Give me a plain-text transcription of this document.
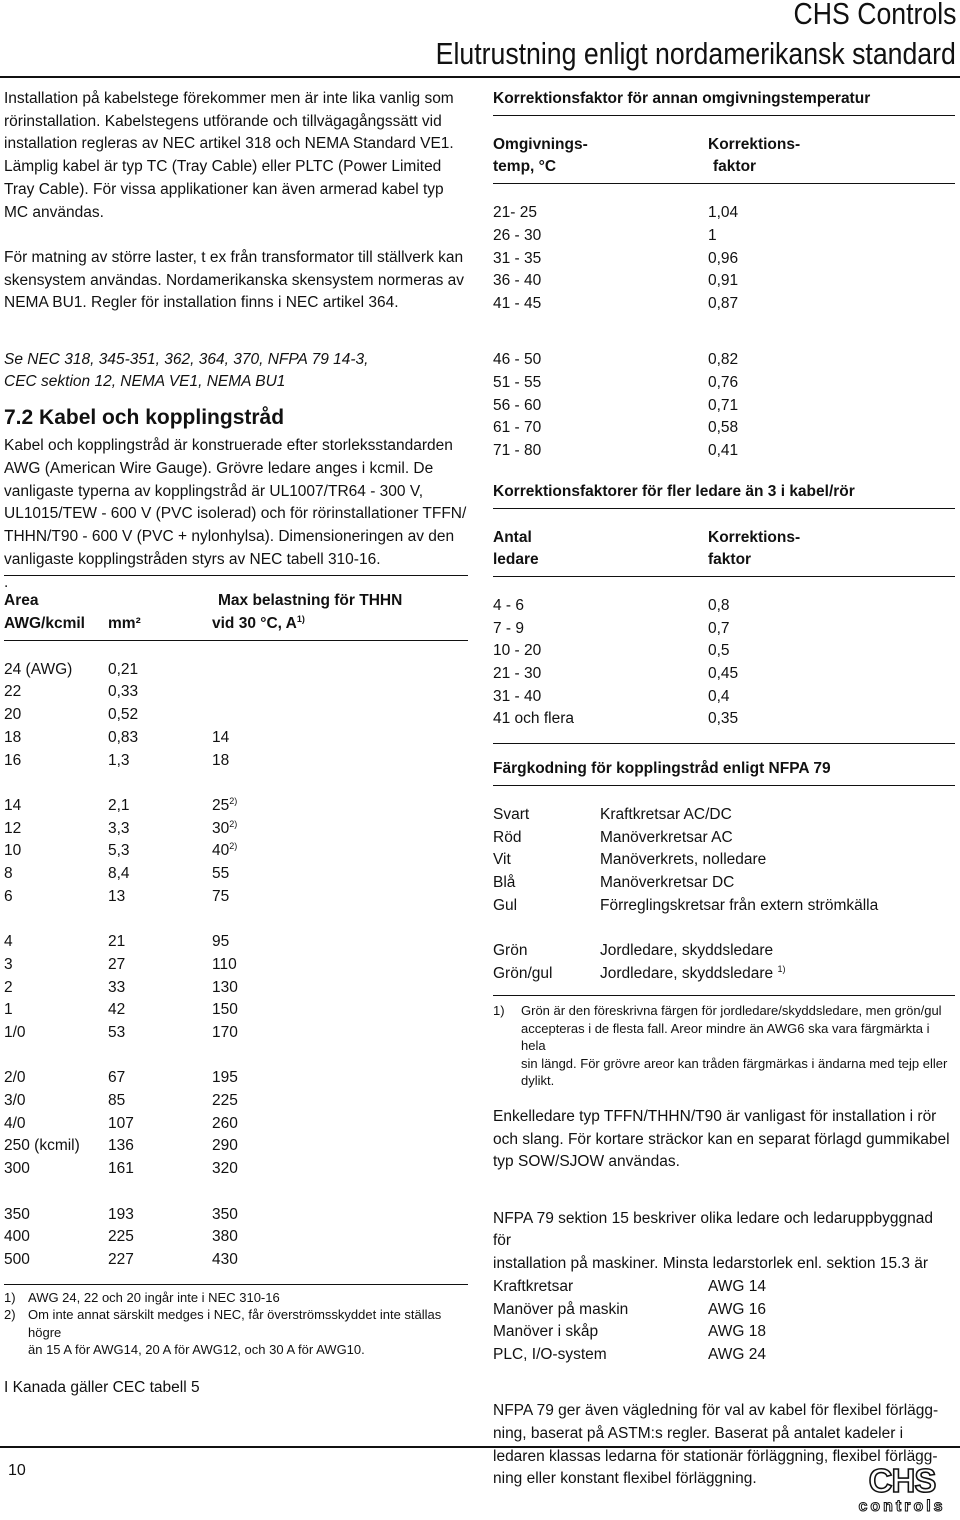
CHS Controls
Elutrustning enligt nordamerikansk standard

Installation på kabelstege förekommer men är inte lika vanlig som

rörinstallation. Kabelstegens utförande och tillvägagångssätt vid

installation regleras av NEC artikel 318 och NEMA Standard VE1.

Lämplig kabel är typ TC (Tray Cable) eller PLTC (Power Limited

Tray Cable). För vissa applikationer kan även armerad kabel typ

MC användas.

För matning av större laster, t ex från transformator till ställverk kan

skensystem användas. Nordamerikanska skensystem normeras av

NEMA BU1. Regler för installation finns i NEC artikel 364.

Se NEC 318, 345-351, 362, 364, 370, NFPA 79 14-3,

CEC sektion 12, NEMA VE1, NEMA BU1

7.2 Kabel och kopplingstråd

Kabel och kopplingstråd är konstruerade efter storleksstandarden

AWG (American Wire Gauge). Grövre ledare anges i kcmil. De

vanligaste typerna av kopplingstråd är UL1007/TR64 - 300 V,

UL1015/TEW - 600 V (PVC isolerad) och för rörinstallationer TFFN/

THHN/T90 - 600 V (PVC + nylonhylsa). Dimensioneringen av den

vanligaste kopplingstråden styrs av NEC tabell 310-16.

.

Area	Max belastning för THHN
AWG/kcmil	mm²	vid 30 °C, $A^{1)}$
24 (AWG)	0,21
22	0,33
20	0,52
18	0,83	14
16	1,3	18
14	2,1	25$^{2)}$
12	3,3	30$^{2)}$
10	5,3	40$^{2)}$
8	8,4	55
6	13	75
4	21	95
3	27	110
2	33	130
1	42	150
1/0	53	170
2/0	67	195
3/0	85	225
4/0	107	260
250 (kcmil)	136	290
300	161	320
350	193	350
400	225	380
500	227	430
1) AWG 24, 22 och 20 ingår inte i NEC 310-16
2) Om inte annat särskilt medges i NEC, får överströmsskyddet inte ställas högre
än 15 A för AWG14, 20 A för AWG12, och 30 A för AWG10.

I Kanada gäller CEC tabell 5

Korrektionsfaktor för annan omgivningstemperatur

Omgivnings-	Korrektions-
temp, °C	faktor
21- 25	1,04
26 - 30	1
31 - 35	0,96
36 - 40	0,91
41 - 45	0,87
46 - 50	0,82
51 - 55	0,76
56 - 60	0,71
61 - 70	0,58
71 - 80	0,41

Korrektionsfaktorer för fler ledare än 3 i kabel/rör

Antal	Korrektions-
ledare	faktor
4 - 6	0,8
7 - 9	0,7
10 - 20	0,5
21 - 30	0,45
31 - 40	0,4
41 och flera	0,35

Färgkodning för kopplingstråd enligt NFPA 79

Svart	Kraftkretsar AC/DC
Röd	Manöverkretsar AC
Vit	Manöverkrets, nolledare
Blå	Manöverkretsar DC
Gul	Förreglingskretsar från extern strömkälla
Grön	Jordledare, skyddsledare
Grön/gul	Jordledare, skyddsledare $^{1)}$
1)	Grön är den föreskrivna färgen för jordledare/skyddsledare, men grön/gul
accepteras i de flesta fall. Areor mindre än AWG6 ska vara färgmärkta i hela
sin längd. För grövre areor kan tråden färgmärkas i ändarna med tejp eller
dylikt.

Enkelledare typ TFFN/THHN/T90 är vanligast för installation i rör

och slang. För kortare sträckor kan en separat förlagd gummikabel

typ SOW/SJOW användas.

NFPA 79 sektion 15 beskriver olika ledare och ledaruppbyggnad för

installation på maskiner. Minsta ledarstorlek enl. sektion 15.3 är

Kraftkretsar	AWG 14
Manöver på maskin	AWG 16
Manöver i skåp	AWG 18
PLC, I/O-system	AWG 24

NFPA 79 ger även vägledning för val av kabel för flexibel förlägg-

ning, baserat på ASTM:s regler. Baserat på antalet kadeler i

ledaren klassas ledarna för stationär förläggning, flexibel förlägg-

ning eller konstant flexibel förläggning.

10	CHS
controls
